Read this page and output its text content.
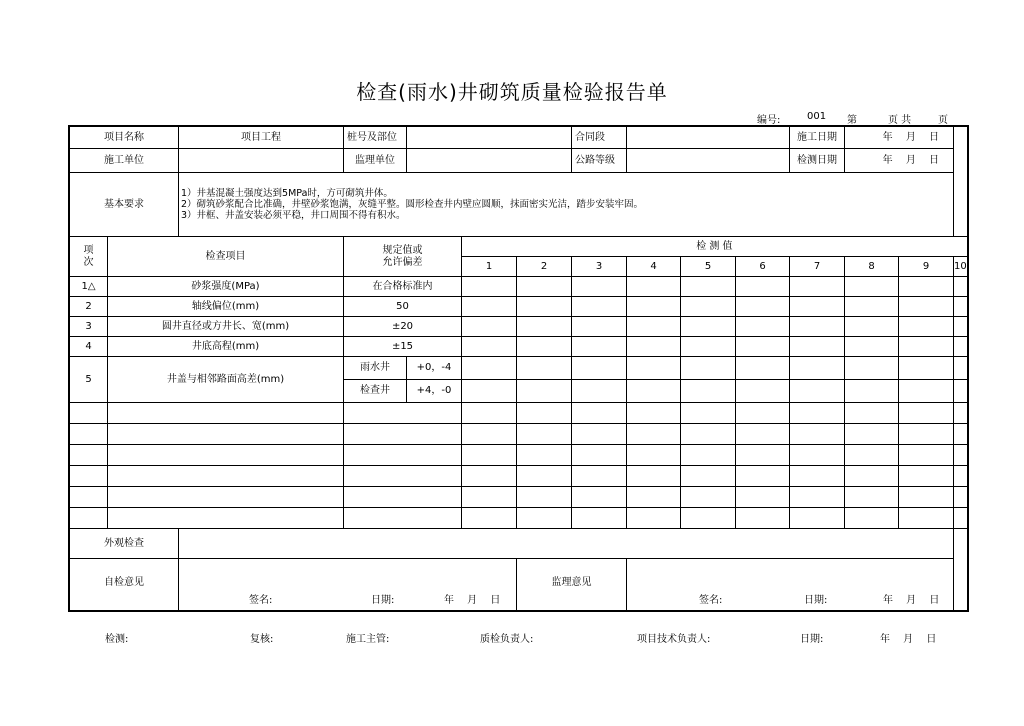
检查(雨水)井砌筑质量检验报告单
编号:	001 第	页 共	页
项目名称		项目工程	桩号及部位				合同段				施工日期	年　 月　 日		
施工单位			监理单位				公路等级				检测日期	年　 月　 日		
基本要求		1）井基混凝土强度达到5MPa时，方可砌筑井体。
2）砌筑砂浆配合比准确，井壁砂浆饱满，灰缝平整。圆形检查井内壁应圆顺，抹面密实光洁，踏步安装牢固。
3）井框、井盖安装必须平稳，井口周围不得有积水。												

项
次	检查项目		规定值或
允许偏差		检 测 值									
					1	2	3	4	5	6	7	8	9	10
1△	砂浆强度(MPa)		在合格标准内											
2	轴线偏位(mm)		50											
3	圆井直径或方井长、宽(mm)		±20											
4	井底高程(mm)		±15											
5	井盖与相邻路面高差(mm)		雨水井	+0，-4										
			检查井	+4，-0										

外观检查														

自检意见		签名: 日期: 年　 月　 日				监理意见		签名: 日期: 年　 月　 日						
检测:	复核:	施工主管:	质检负责人:	项目技术负责人:	日期:	年　 月　 日
